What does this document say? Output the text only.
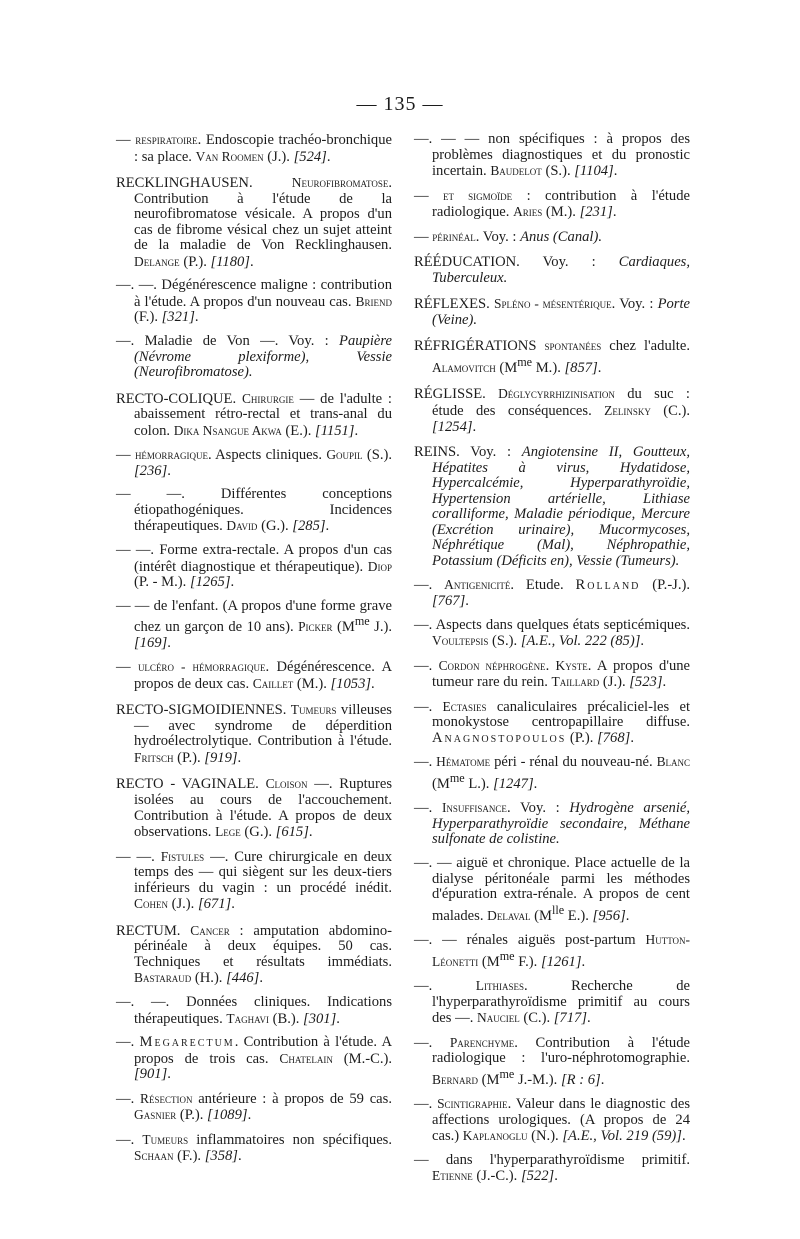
— 135 —

— respiratoire. Endoscopie trachéo-bronchique : sa place. Van Roomen (J.). [524].

RECKLINGHAUSEN. Neurofibromatose. Contribution à l'étude de la neurofibromatose vésicale. A propos d'un cas de fibrome vésical chez un sujet atteint de la maladie de Von Recklinghausen. Delange (P.). [1180].

—. —. Dégénérescence maligne : contribution à l'étude. A propos d'un nouveau cas. Briend (F.). [321].

—. Maladie de Von —. Voy. : Paupière (Névrome plexiforme), Vessie (Neurofibromatose).

RECTO-COLIQUE. Chirurgie — de l'adulte : abaissement rétro-rectal et trans-anal du colon. Dika Nsangue Akwa (E.). [1151].

— hémorragique. Aspects cliniques. Goupil (S.). [236].

— —. Différentes conceptions étiopathogéniques. Incidences thérapeutiques. David (G.). [285].

— —. Forme extra-rectale. A propos d'un cas (intérêt diagnostique et thérapeutique). Diop (P. - M.). [1265].

— — de l'enfant. (A propos d'une forme grave chez un garçon de 10 ans). Picker ($M^{me}$ J.). [169].

— ulcéro - hémorragique. Dégénérescence. A propos de deux cas. Caillet (M.). [1053].

RECTO-SIGMOIDIENNES. Tumeurs villeuses — avec syndrome de déperdition hydroélectrolytique. Contribution à l'étude. Fritsch (P.). [919].

RECTO - VAGINALE. Cloison —. Ruptures isolées au cours de l'accouchement. Contribution à l'étude. A propos de deux observations. Lege (G.). [615].

— —. Fistules —. Cure chirurgicale en deux temps des — qui siègent sur les deux-tiers inférieurs du vagin : un procédé inédit. Cohen (J.). [671].

RECTUM. Cancer : amputation abdomino-périnéale à deux équipes. 50 cas. Techniques et résultats immédiats. Bastaraud (H.). [446].

—. —. Données cliniques. Indications thérapeutiques. Taghavi (B.). [301].

—. Megarectum. Contribution à l'étude. A propos de trois cas. Chatelain (M.-C.). [901].

—. Résection antérieure : à propos de 59 cas. Gasnier (P.). [1089].

—. Tumeurs inflammatoires non spécifiques. Schaan (F.). [358].

—. — — non spécifiques : à propos des problèmes diagnostiques et du pronostic incertain. Baudelot (S.). [1104].

— et sigmoïde : contribution à l'étude radiologique. Aries (M.). [231].

— périnéal. Voy. : Anus (Canal).

RÉÉDUCATION. Voy. : Cardiaques, Tuberculeux.

RÉFLEXES. Spléno - mésentérique. Voy. : Porte (Veine).

RÉFRIGÉRATIONS spontanées chez l'adulte. Alamovitch ($M^{me}$ M.). [857].

RÉGLISSE. Déglycyrrhizinisation du suc : étude des conséquences. Zelinsky (C.). [1254].

REINS. Voy. : Angiotensine II, Goutteux, Hépatites à virus, Hydatidose, Hypercalcémie, Hyperparathyroïdie, Hypertension artérielle, Lithiase coralliforme, Maladie périodique, Mercure (Excrétion urinaire), Mucormycoses, Néphrétique (Mal), Néphropathie, Potassium (Déficits en), Vessie (Tumeurs).

—. Antigenicité. Etude. Rolland (P.-J.). [767].

—. Aspects dans quelques états septicémiques. Voultepsis (S.). [A.E., Vol. 222 (85)].

—. Cordon néphrogène. Kyste. A propos d'une tumeur rare du rein. Taillard (J.). [523].

—. Ectasies canaliculaires précaliciel-les et monokystose centropapillaire diffuse. Anagnostopoulos (P.). [768].

—. Hématome péri - rénal du nouveau-né. Blanc ($M^{me}$ L.). [1247].

—. Insuffisance. Voy. : Hydrogène arsenié, Hyperparathyroïdie secondaire, Méthane sulfonate de colistine.

—. — aiguë et chronique. Place actuelle de la dialyse péritonéale parmi les méthodes d'épuration extra-rénale. A propos de cent malades. Delaval ($M^{lle}$ E.). [956].

—. — rénales aiguës post-partum Hutton-Léonetti ($M^{me}$ F.). [1261].

—. Lithiases. Recherche de l'hyperparathyroïdisme primitif au cours des —. Nauciel (C.). [717].

—. Parenchyme. Contribution à l'étude radiologique : l'uro-néphrotomographie. Bernard ($M^{me}$ J.-M.). [R : 6].

—. Scintigraphie. Valeur dans le diagnostic des affections urologiques. (A propos de 24 cas.) Kaplanoglu (N.). [A.E., Vol. 219 (59)].

— dans l'hyperparathyroïdisme primitif. Etienne (J.-C.). [522].
